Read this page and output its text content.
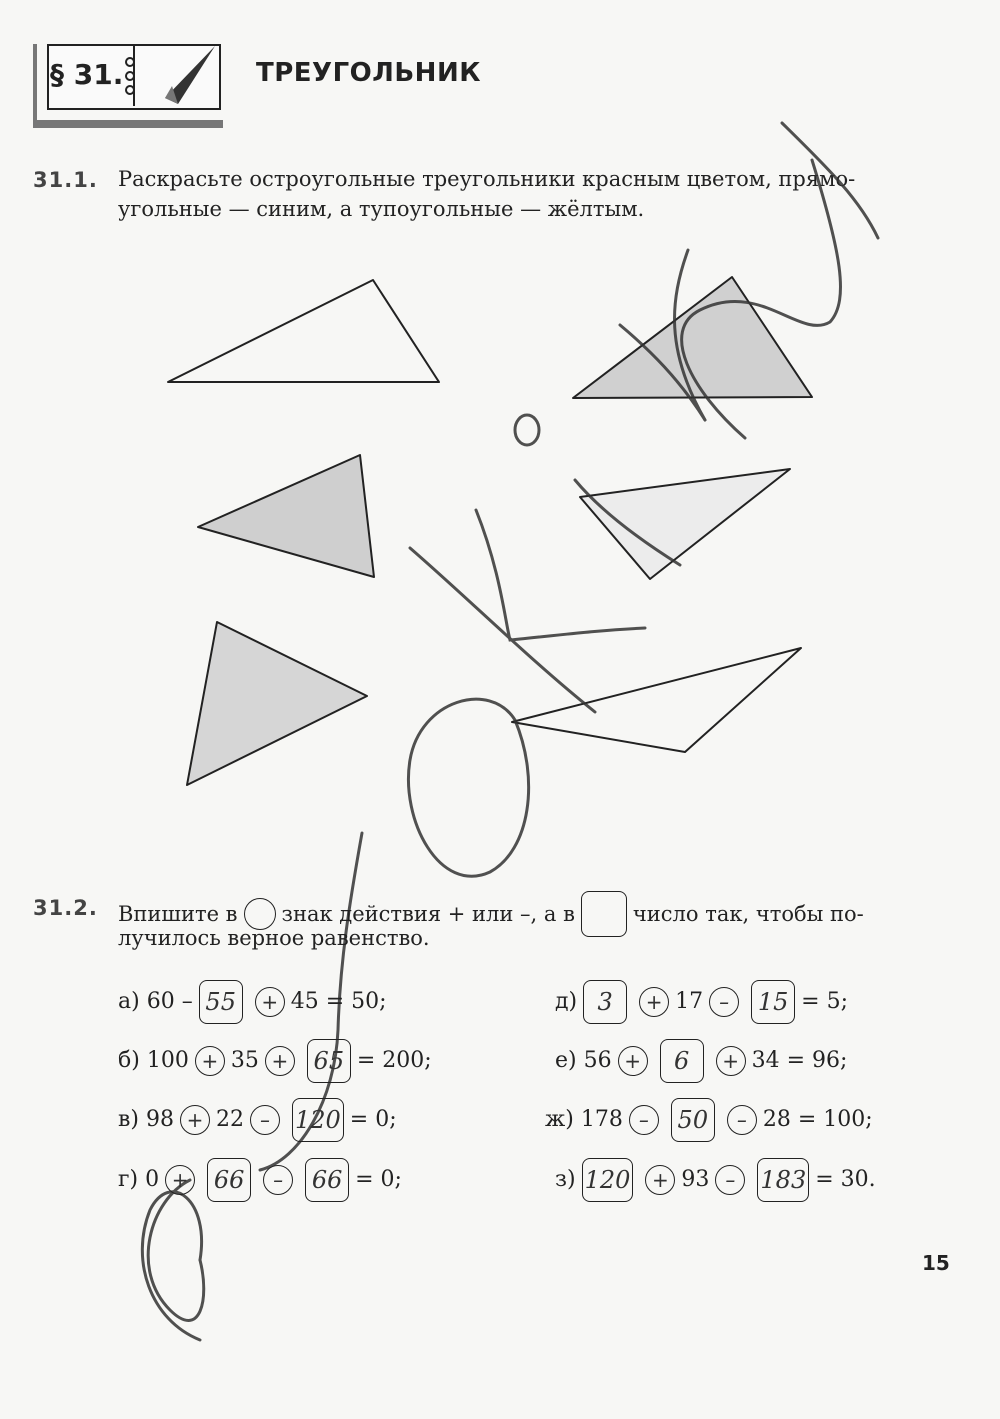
§ 31.	ТРЕУГОЛЬНИК
31.1. Раскрасьте остроугольные треугольники красным цветом, прямо-
угольные — синим, а тупоугольные — жёлтым.
31.2. Впишите в знак действия + или –, а в	число так, чтобы по-
лучилось верное равенство.
а)
60 – 55	+ 45 = 50;
б)
100 + 35 + 65 = 200;
в)
98 + 22 –	120 = 0;
г)
0 + 66	–	66 = 0;
д) 3	+ 17 –	15 = 5;
е)
56 +	6	+ 34
= 96;
ж)
178 –	50	– 28
= 100;
з) 120	+ 93 –	183 = 30.
15
